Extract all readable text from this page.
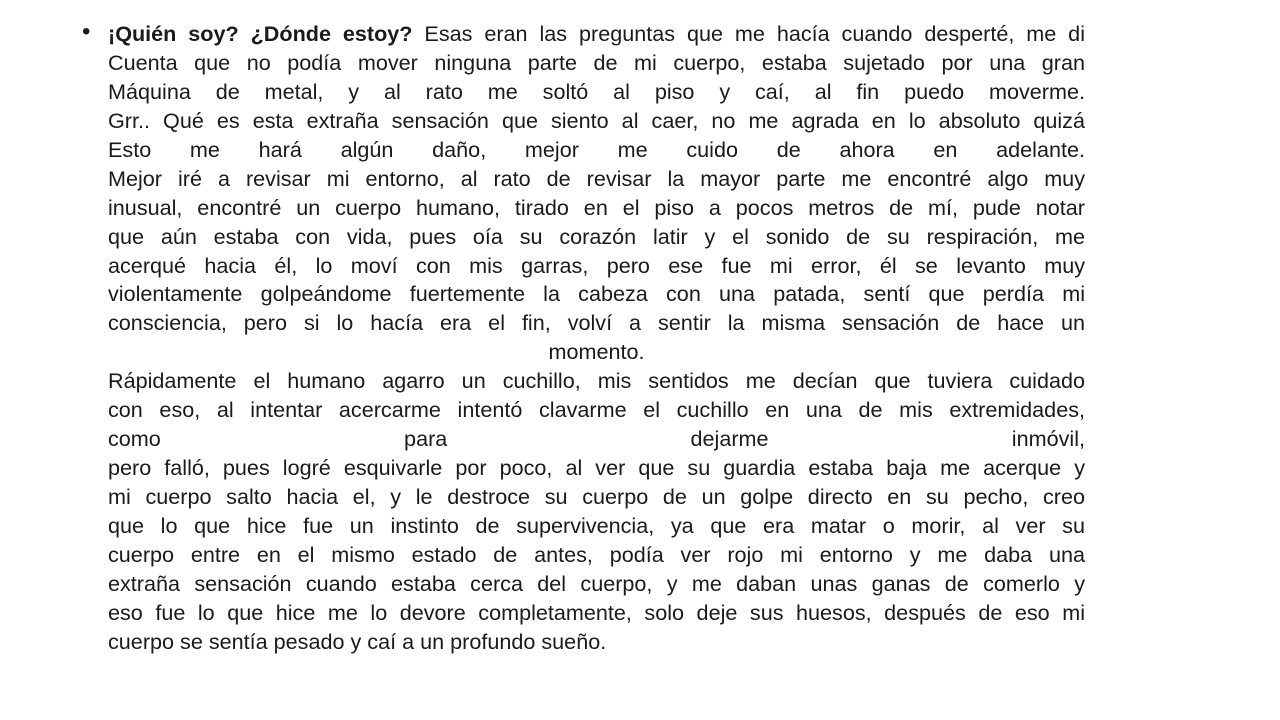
• ¡Quién soy? ¿Dónde estoy? Esas eran las preguntas que me hacía cuando desperté, me di
Cuenta que no podía mover ninguna parte de mi cuerpo, estaba sujetado por una gran
Máquina de metal, y al rato me soltó al piso y caí, al fin puedo moverme.
Grr.. Qué es esta extraña sensación que siento al caer, no me agrada en lo absoluto quizá
Esto me hará algún daño, mejor me cuido de ahora en adelante.
Mejor iré a revisar mi entorno, al rato de revisar la mayor parte me encontré algo muy
inusual, encontré un cuerpo humano, tirado en el piso a pocos metros de mí, pude notar
que aún estaba con vida, pues oía su corazón latir y el sonido de su respiración, me
acerqué hacia él, lo moví con mis garras, pero ese fue mi error, él se levanto muy
violentamente golpeándome fuertemente la cabeza con una patada, sentí que perdía mi
consciencia, pero si lo hacía era el fin, volví a sentir la misma sensación de hace un
momento.
Rápidamente el humano agarro un cuchillo, mis sentidos me decían que tuviera cuidado
con eso, al intentar acercarme intentó clavarme el cuchillo en una de mis extremidades,
como para dejarme inmóvil,
pero falló, pues logré esquivarle por poco, al ver que su guardia estaba baja me acerque y
mi cuerpo salto hacia el, y le destroce su cuerpo de un golpe directo en su pecho, creo
que lo que hice fue un instinto de supervivencia, ya que era matar o morir, al ver su
cuerpo entre en el mismo estado de antes, podía ver rojo mi entorno y me daba una
extraña sensación cuando estaba cerca del cuerpo, y me daban unas ganas de comerlo y
eso fue lo que hice me lo devore completamente, solo deje sus huesos, después de eso mi
cuerpo se sentía pesado y caí a un profundo sueño.
